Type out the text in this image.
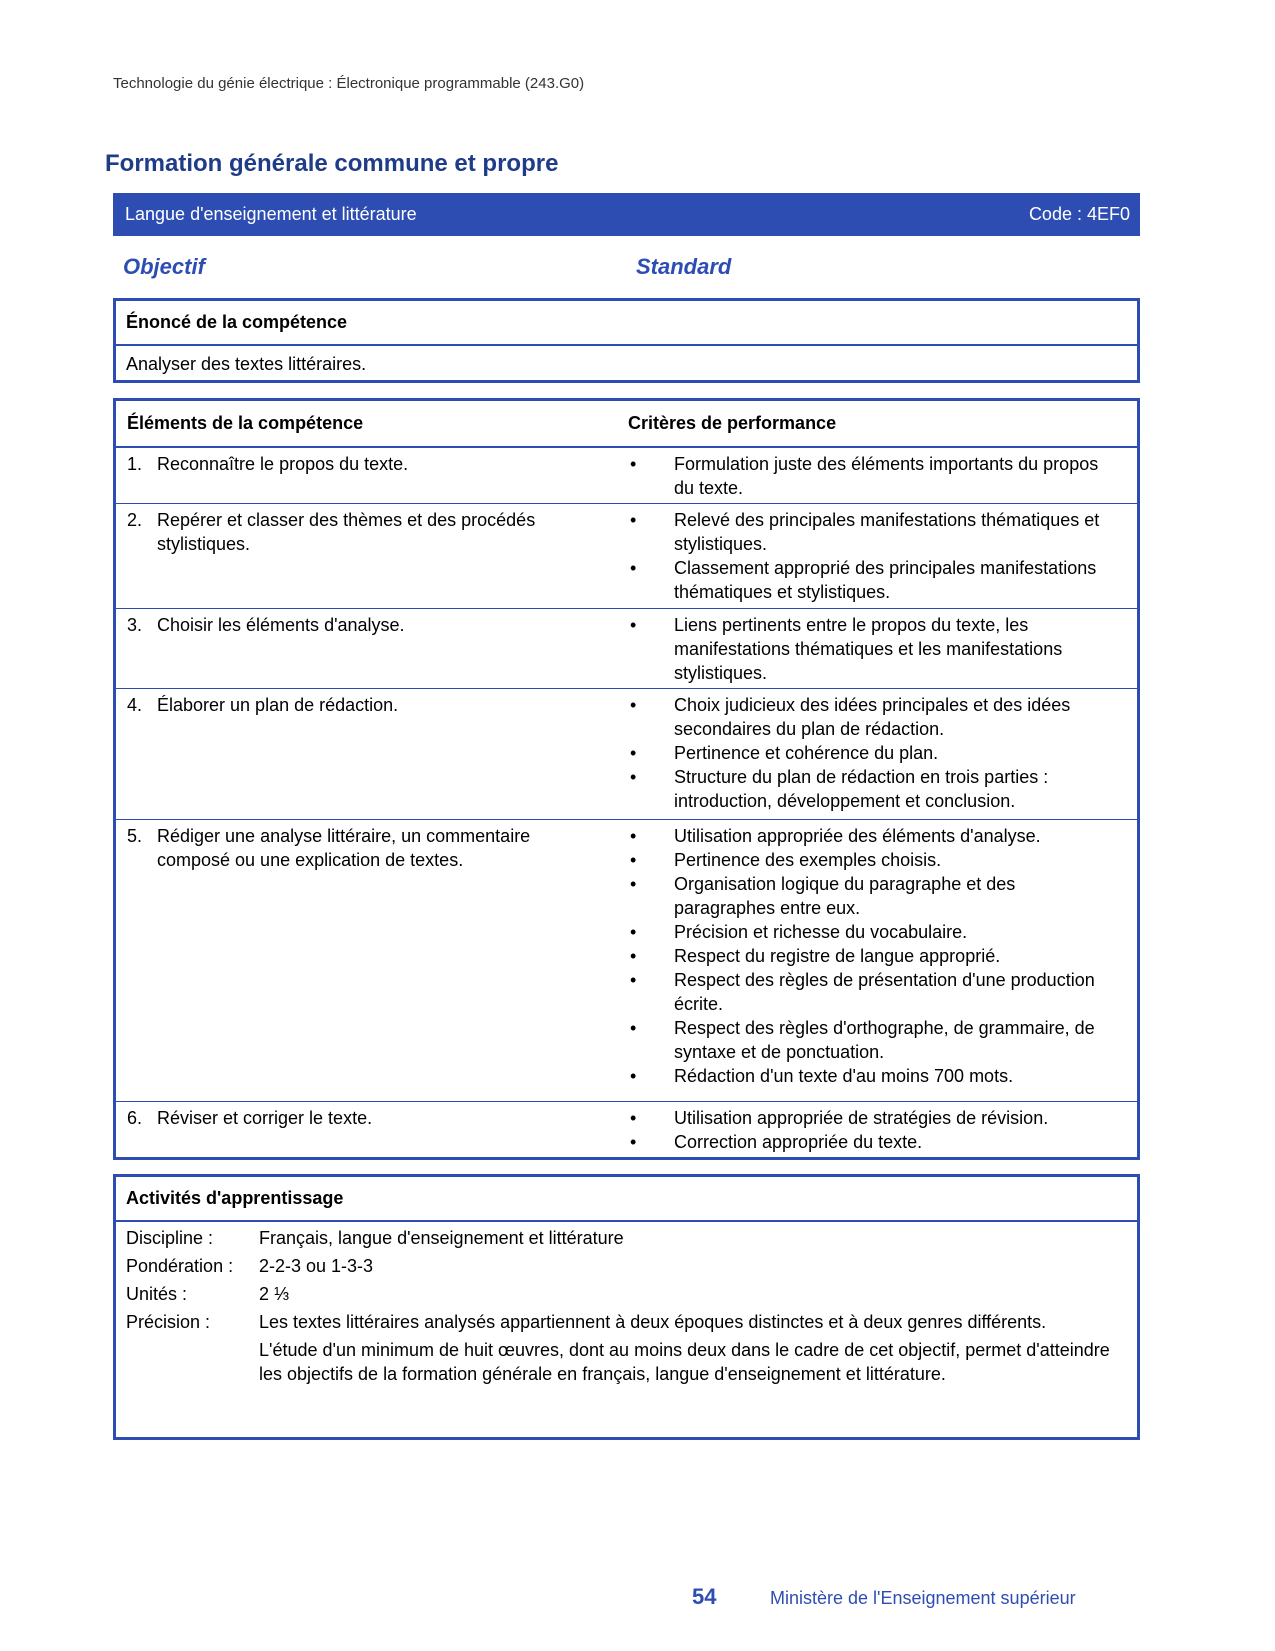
Technologie du génie électrique : Électronique programmable (243.G0)
Formation générale commune et propre
Langue d'enseignement et littérature	Code : 4EF0
Objectif	Standard
Énoncé de la compétence
Analyser des textes littéraires.
Éléments de la compétence	Critères de performance
1. Reconnaître le propos du texte.	•	Formulation juste des éléments importants du propos du texte.
2. Repérer et classer des thèmes et des procédés stylistiques.
•	Relevé des principales manifestations thématiques et stylistiques.
•	Classement approprié des principales manifestations thématiques et stylistiques.
3. Choisir les éléments d'analyse.	•	Liens pertinents entre le propos du texte, les manifestations thématiques et les manifestations stylistiques.
4. Élaborer un plan de rédaction.	•	Choix judicieux des idées principales et des idées secondaires du plan de rédaction.
•	Pertinence et cohérence du plan.
•	Structure du plan de rédaction en trois parties : introduction, développement et conclusion.
5. Rédiger une analyse littéraire, un commentaire composé ou une explication de textes.
•	Utilisation appropriée des éléments d'analyse.
•	Pertinence des exemples choisis.
•	Organisation logique du paragraphe et des paragraphes entre eux.
•	Précision et richesse du vocabulaire.
•	Respect du registre de langue approprié.
•	Respect des règles de présentation d'une production écrite.
•	Respect des règles d'orthographe, de grammaire, de syntaxe et de ponctuation.
•	Rédaction d'un texte d'au moins 700 mots.
6. Réviser et corriger le texte.	•	Utilisation appropriée de stratégies de révision.
•	Correction appropriée du texte.
Activités d'apprentissage
Discipline :	Français, langue d'enseignement et littérature
Pondération :	2-2-3 ou 1-3-3
Unités :	2 ⅓
Précision :	Les textes littéraires analysés appartiennent à deux époques distinctes et à deux genres différents.
L'étude d'un minimum de huit œuvres, dont au moins deux dans le cadre de cet objectif, permet d'atteindre les objectifs de la formation générale en français, langue d'enseignement et littérature.
54	Ministère de l'Enseignement supérieur
